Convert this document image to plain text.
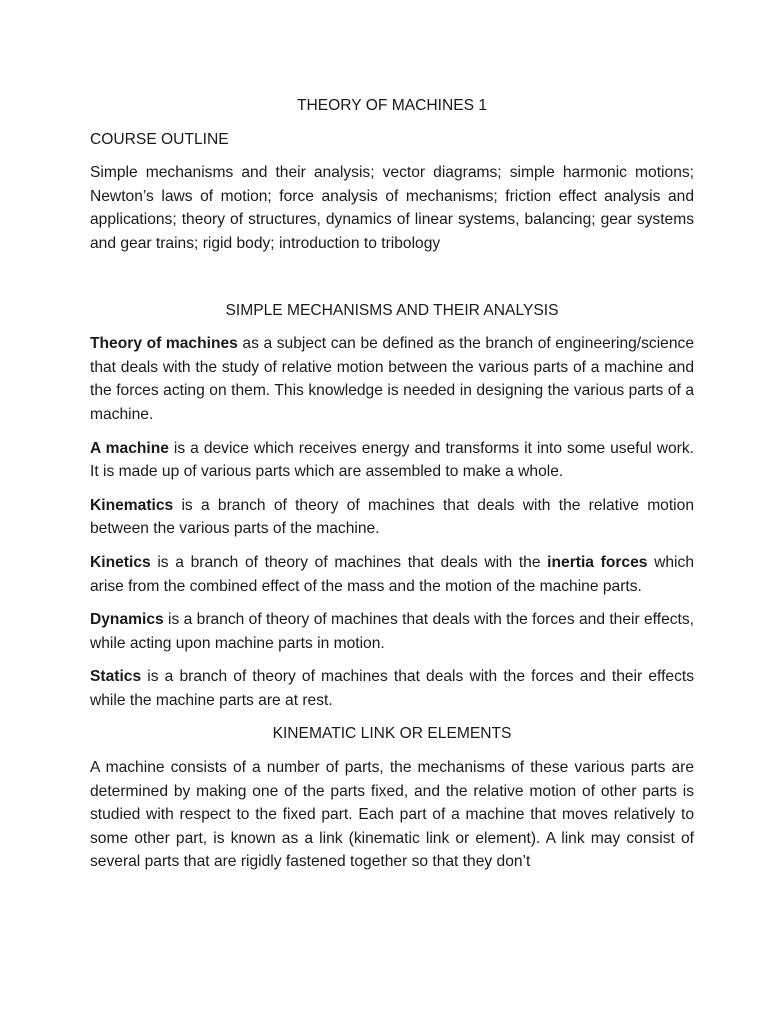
THEORY OF MACHINES 1
COURSE OUTLINE

Simple mechanisms and their analysis; vector diagrams; simple harmonic motions; Newton’s laws of motion; force analysis of mechanisms; friction effect analysis and applications; theory of structures, dynamics of linear systems, balancing; gear systems and gear trains; rigid body; introduction to tribology

SIMPLE MECHANISMS AND THEIR ANALYSIS

Theory of machines as a subject can be defined as the branch of engineering/science that deals with the study of relative motion between the various parts of a machine and the forces acting on them. This knowledge is needed in designing the various parts of a machine.

A machine is a device which receives energy and transforms it into some useful work. It is made up of various parts which are assembled to make a whole.

Kinematics is a branch of theory of machines that deals with the relative motion between the various parts of the machine.

Kinetics is a branch of theory of machines that deals with the inertia forces which arise from the combined effect of the mass and the motion of the machine parts.

Dynamics is a branch of theory of machines that deals with the forces and their effects, while acting upon machine parts in motion.

Statics is a branch of theory of machines that deals with the forces and their effects while the machine parts are at rest.

KINEMATIC LINK OR ELEMENTS

A machine consists of a number of parts, the mechanisms of these various parts are determined by making one of the parts fixed, and the relative motion of other parts is studied with respect to the fixed part. Each part of a machine that moves relatively to some other part, is known as a link (kinematic link or element). A link may consist of several parts that are rigidly fastened together so that they don’t
